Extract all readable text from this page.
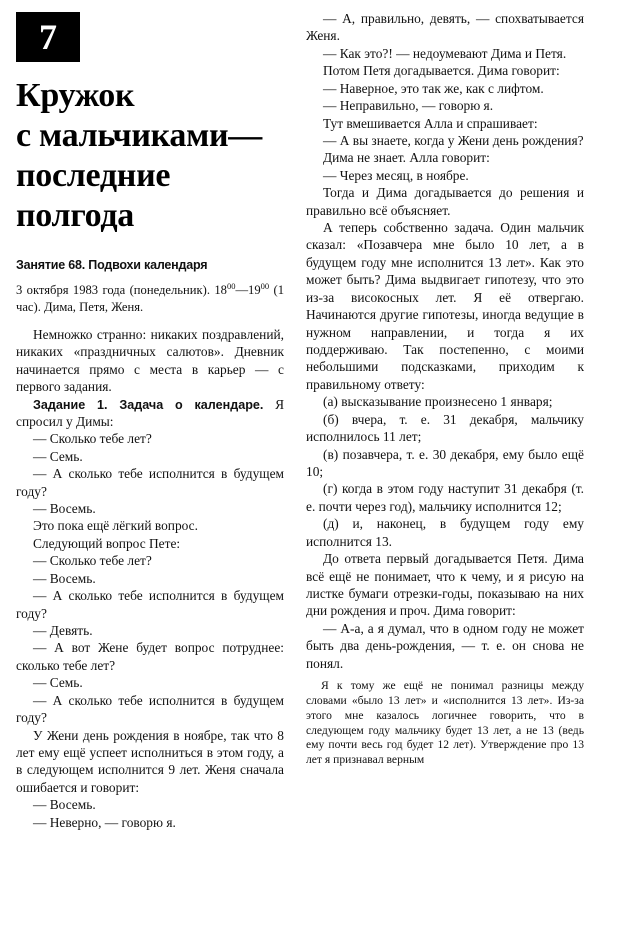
7
Кружок
с мальчиками—
последние
полгода
Занятие 68. Подвохи календаря

3 октября 1983 года (понедельник). $18^{00}—19^{00}$ (1 час). Дима, Петя, Женя.

Немножко странно: никаких поздравлений, никаких «праздничных салютов». Дневник начинается прямо с места в карьер — с первого задания.

Задание 1. Задача о календаре. Я спросил у Димы:

— Сколько тебе лет?

— Семь.

— А сколько тебе исполнится в будущем году?

— Восемь.

Это пока ещё лёгкий вопрос.

Следующий вопрос Пете:

— Сколько тебе лет?

— Восемь.

— А сколько тебе исполнится в будущем году?

— Девять.

— А вот Жене будет вопрос потруднее: сколько тебе лет?

— Семь.

— А сколько тебе исполнится в будущем году?

У Жени день рождения в ноябре, так что 8 лет ему ещё успеет исполниться в этом году, а в следующем исполнится 9 лет. Женя сначала ошибается и говорит:

— Восемь.

— Неверно, — говорю я.

— А, правильно, девять, — спохватывается Женя.

— Как это?! — недоумевают Дима и Петя.

Потом Петя догадывается. Дима говорит:

— Наверное, это так же, как с лифтом.

— Неправильно, — говорю я.

Тут вмешивается Алла и спрашивает:

— А вы знаете, когда у Жени день рождения?

Дима не знает. Алла говорит:

— Через месяц, в ноябре.

Тогда и Дима догадывается до решения и правильно всё объясняет.

А теперь собственно задача. Один мальчик сказал: «Позавчера мне было 10 лет, а в будущем году мне исполнится 13 лет». Как это может быть? Дима выдвигает гипотезу, что это из-за високосных лет. Я её отвергаю. Начинаются другие гипотезы, иногда ведущие в нужном направлении, и тогда я их поддерживаю. Так постепенно, с моими небольшими подсказками, приходим к правильному ответу:

(а) высказывание произнесено 1 января;

(б) вчера, т. е. 31 декабря, мальчику исполнилось 11 лет;

(в) позавчера, т. е. 30 декабря, ему было ещё 10;

(г) когда в этом году наступит 31 декабря (т. е. почти через год), мальчику исполнится 12;

(д) и, наконец, в будущем году ему исполнится 13.

До ответа первый догадывается Петя. Дима всё ещё не понимает, что к чему, и я рисую на листке бумаги отрезки-годы, показываю на них дни рождения и проч. Дима говорит:

— А-а, а я думал, что в одном году не может быть два день-рождения, — т. е. он снова не понял.

Я к тому же ещё не понимал разницы между словами «было 13 лет» и «исполнится 13 лет». Из-за этого мне казалось логичнее говорить, что в следующем году мальчику будет 13 лет, а не 13 (ведь ему почти весь год будет 12 лет). Утверждение про 13 лет я признавал верным
